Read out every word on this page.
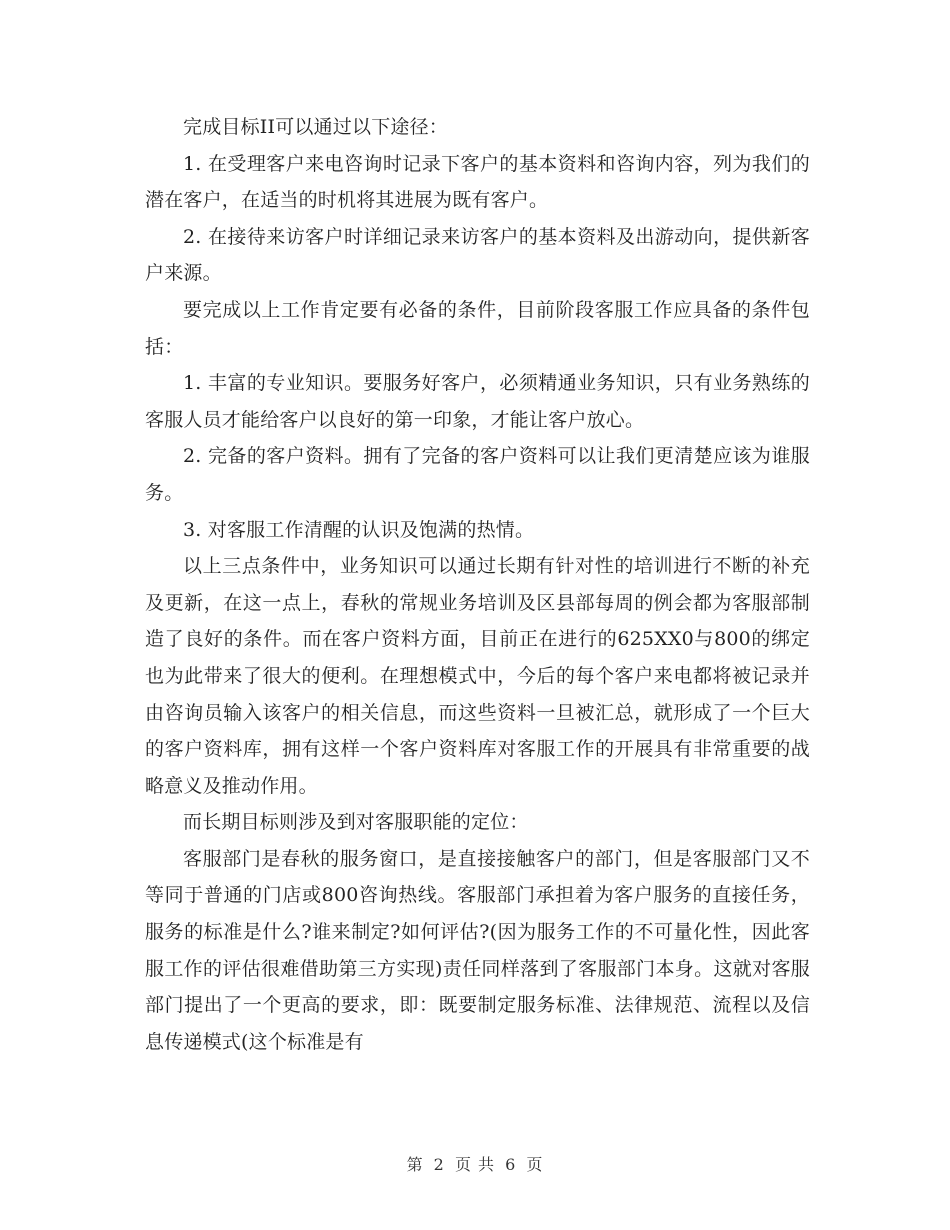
完成目标II可以通过以下途径：

1. 在受理客户来电咨询时记录下客户的基本资料和咨询内容，列为我们的潜在客户，在适当的时机将其进展为既有客户。

2. 在接待来访客户时详细记录来访客户的基本资料及出游动向，提供新客户来源。

要完成以上工作肯定要有必备的条件，目前阶段客服工作应具备的条件包括：

1. 丰富的专业知识。要服务好客户，必须精通业务知识，只有业务熟练的客服人员才能给客户以良好的第一印象，才能让客户放心。

2. 完备的客户资料。拥有了完备的客户资料可以让我们更清楚应该为谁服务。

3. 对客服工作清醒的认识及饱满的热情。

以上三点条件中，业务知识可以通过长期有针对性的培训进行不断的补充及更新，在这一点上，春秋的常规业务培训及区县部每周的例会都为客服部制造了良好的条件。而在客户资料方面，目前正在进行的625XX0与800的绑定也为此带来了很大的便利。在理想模式中，今后的每个客户来电都将被记录并由咨询员输入该客户的相关信息，而这些资料一旦被汇总，就形成了一个巨大的客户资料库，拥有这样一个客户资料库对客服工作的开展具有非常重要的战略意义及推动作用。

而长期目标则涉及到对客服职能的定位：

客服部门是春秋的服务窗口，是直接接触客户的部门，但是客服部门又不等同于普通的门店或800咨询热线。客服部门承担着为客户服务的直接任务，服务的标准是什么?谁来制定?如何评估?(因为服务工作的不可量化性，因此客服工作的评估很难借助第三方实现)责任同样落到了客服部门本身。这就对客服部门提出了一个更高的要求，即：既要制定服务标准、法律规范、流程以及信息传递模式(这个标准是有

第 2 页 共 6 页
